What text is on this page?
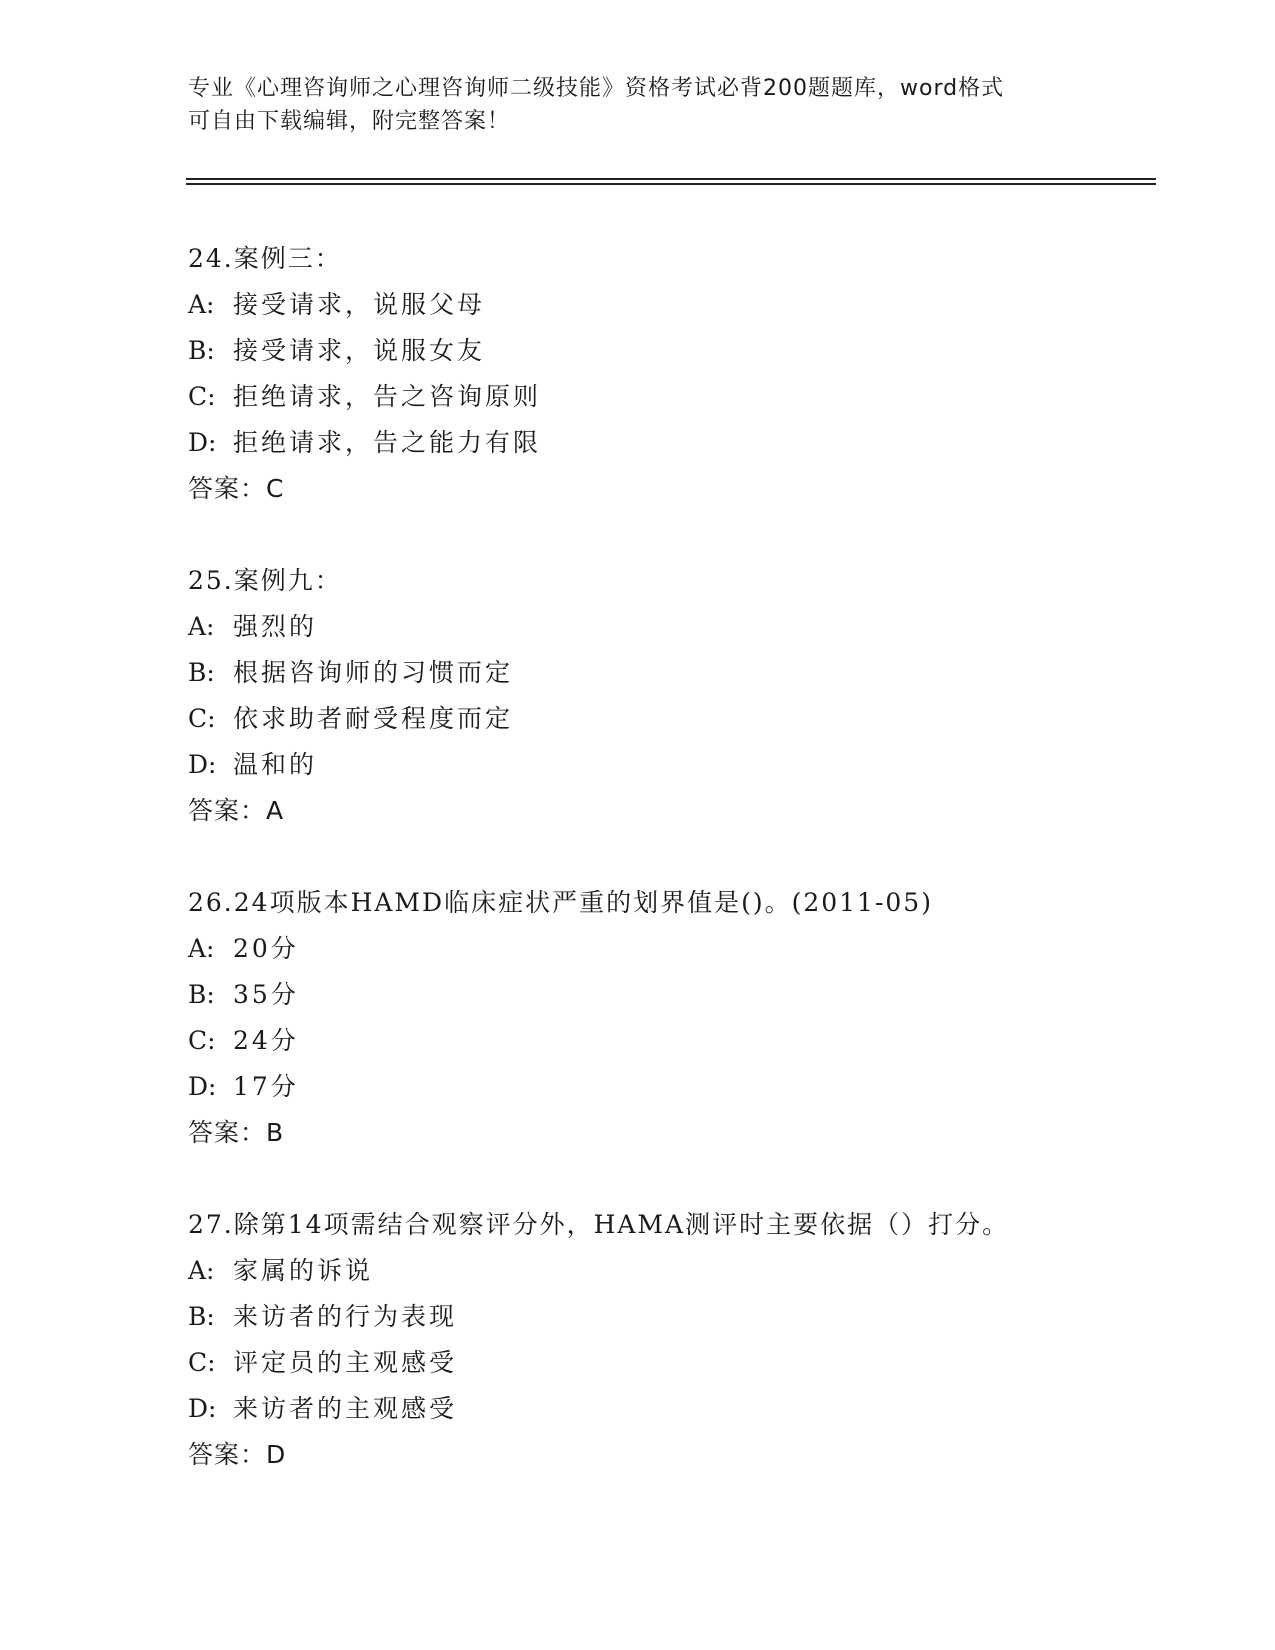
专业《心理咨询师之心理咨询师二级技能》资格考试必背200题题库，word格式
可自由下载编辑，附完整答案！
24.案例三：
A: 接受请求，说服父母
B: 接受请求，说服女友
C: 拒绝请求，告之咨询原则
D: 拒绝请求，告之能力有限
答案：C
25.案例九：
A: 强烈的
B: 根据咨询师的习惯而定
C: 依求助者耐受程度而定
D: 温和的
答案：A
26.24项版本HAMD临床症状严重的划界值是()。(2011-05)
A: 20分
B: 35分
C: 24分
D: 17分
答案：B
27.除第14项需结合观察评分外，HAMA测评时主要依据（）打分。
A: 家属的诉说
B: 来访者的行为表现
C: 评定员的主观感受
D: 来访者的主观感受
答案：D
